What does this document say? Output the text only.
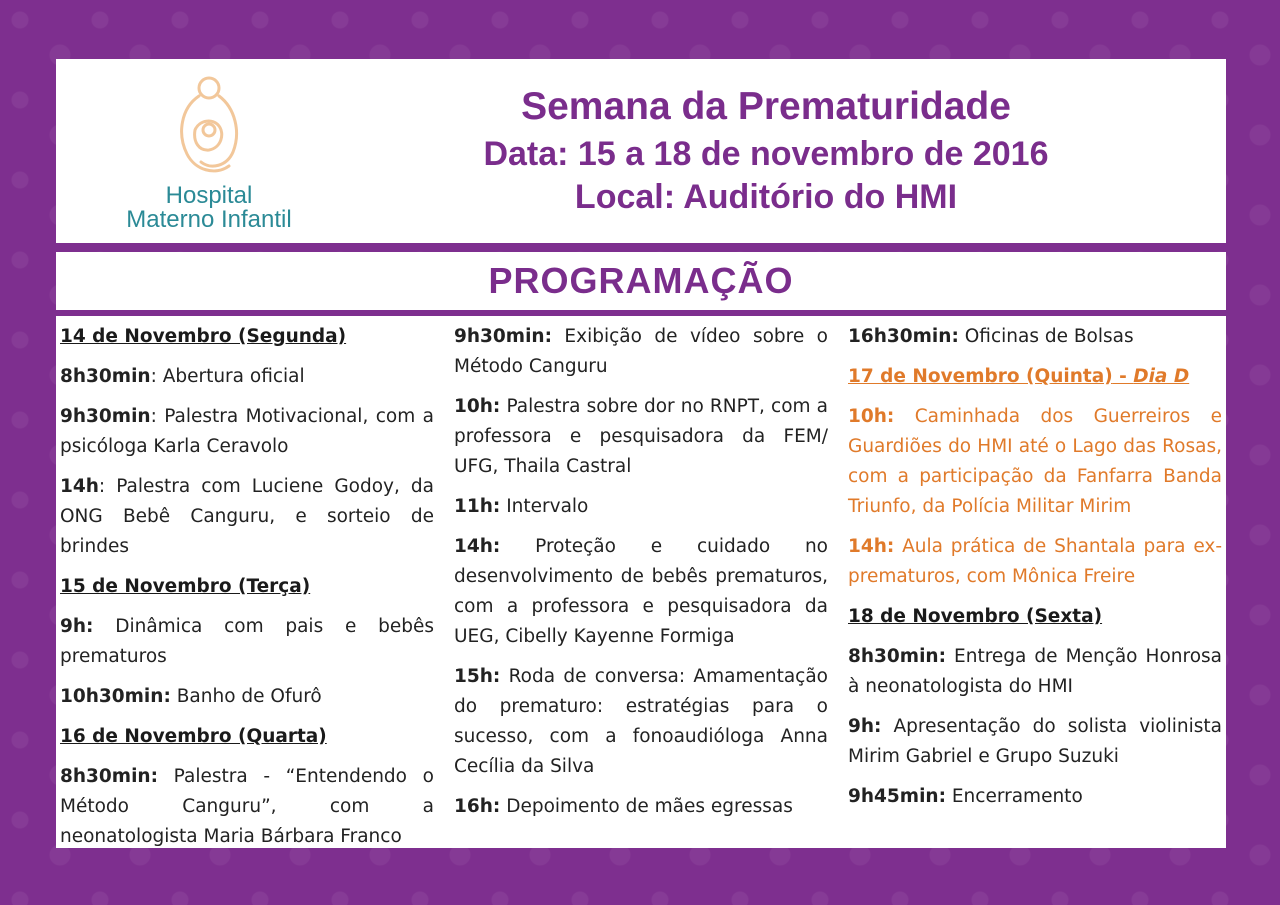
Hospital
Materno Infantil
Semana da Prematuridade
Data: 15 a 18 de novembro de 2016
Local: Auditório do HMI
PROGRAMAÇÃO
14 de Novembro (Segunda)

8h30min: Abertura oficial

9h30min: Palestra Motivacional, com a psicóloga Karla Ceravolo

14h: Palestra com Luciene Godoy, da ONG Bebê Canguru, e sorteio de brindes

15 de Novembro (Terça)

9h: Dinâmica com pais e bebês prematuros

10h30min: Banho de Ofurô

16 de Novembro (Quarta)

8h30min: Palestra - “Entendendo o Método Canguru”, com a neonatologista Maria Bárbara Franco

9h30min: Exibição de vídeo sobre o Método Canguru

10h: Palestra sobre dor no RNPT, com a professora e pesquisadora da FEM/ UFG, Thaila Castral

11h: Intervalo

14h: Proteção e cuidado no desenvolvimento de bebês prematuros, com a professora e pesquisadora da UEG, Cibelly Kayenne Formiga

15h: Roda de conversa: Amamentação do prematuro: estratégias para o sucesso, com a fonoaudióloga Anna Cecília da Silva

16h: Depoimento de mães egressas

16h30min: Oficinas de Bolsas

17 de Novembro (Quinta) - Dia D

10h: Caminhada dos Guerreiros e Guardiões do HMI até o Lago das Rosas, com a participação da Fanfarra Banda Triunfo, da Polícia Militar Mirim

14h: Aula prática de Shantala para ex-prematuros, com Mônica Freire

18 de Novembro (Sexta)

8h30min: Entrega de Menção Honrosa à neonatologista do HMI

9h: Apresentação do solista violinista Mirim Gabriel e Grupo Suzuki

9h45min: Encerramento
